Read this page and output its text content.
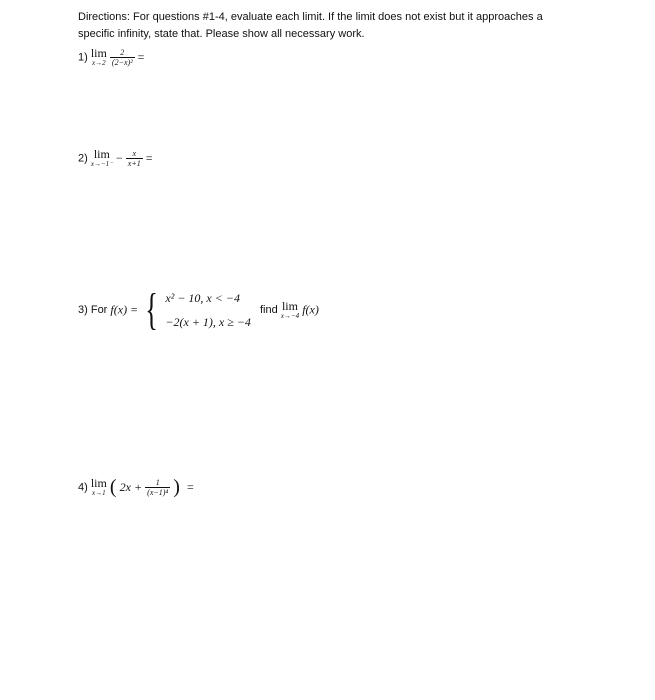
Directions: For questions #1-4, evaluate each limit. If the limit does not exist but it approaches a specific infinity, state that. Please show all necessary work.
1) lim
x→2
$\frac{2}{\text{(2−x)²}}$ =
2) lim
$x\to-1^- - \frac{x}{x+1}$ =
3) For f(x) = { x² − 10, x < −4
−2(x + 1), x ≥ −4
find lim
x→−4 f(x)
4) lim
x→1 ( $2x + \frac{1}{\text{(x−1)⁴}}$ ) =
